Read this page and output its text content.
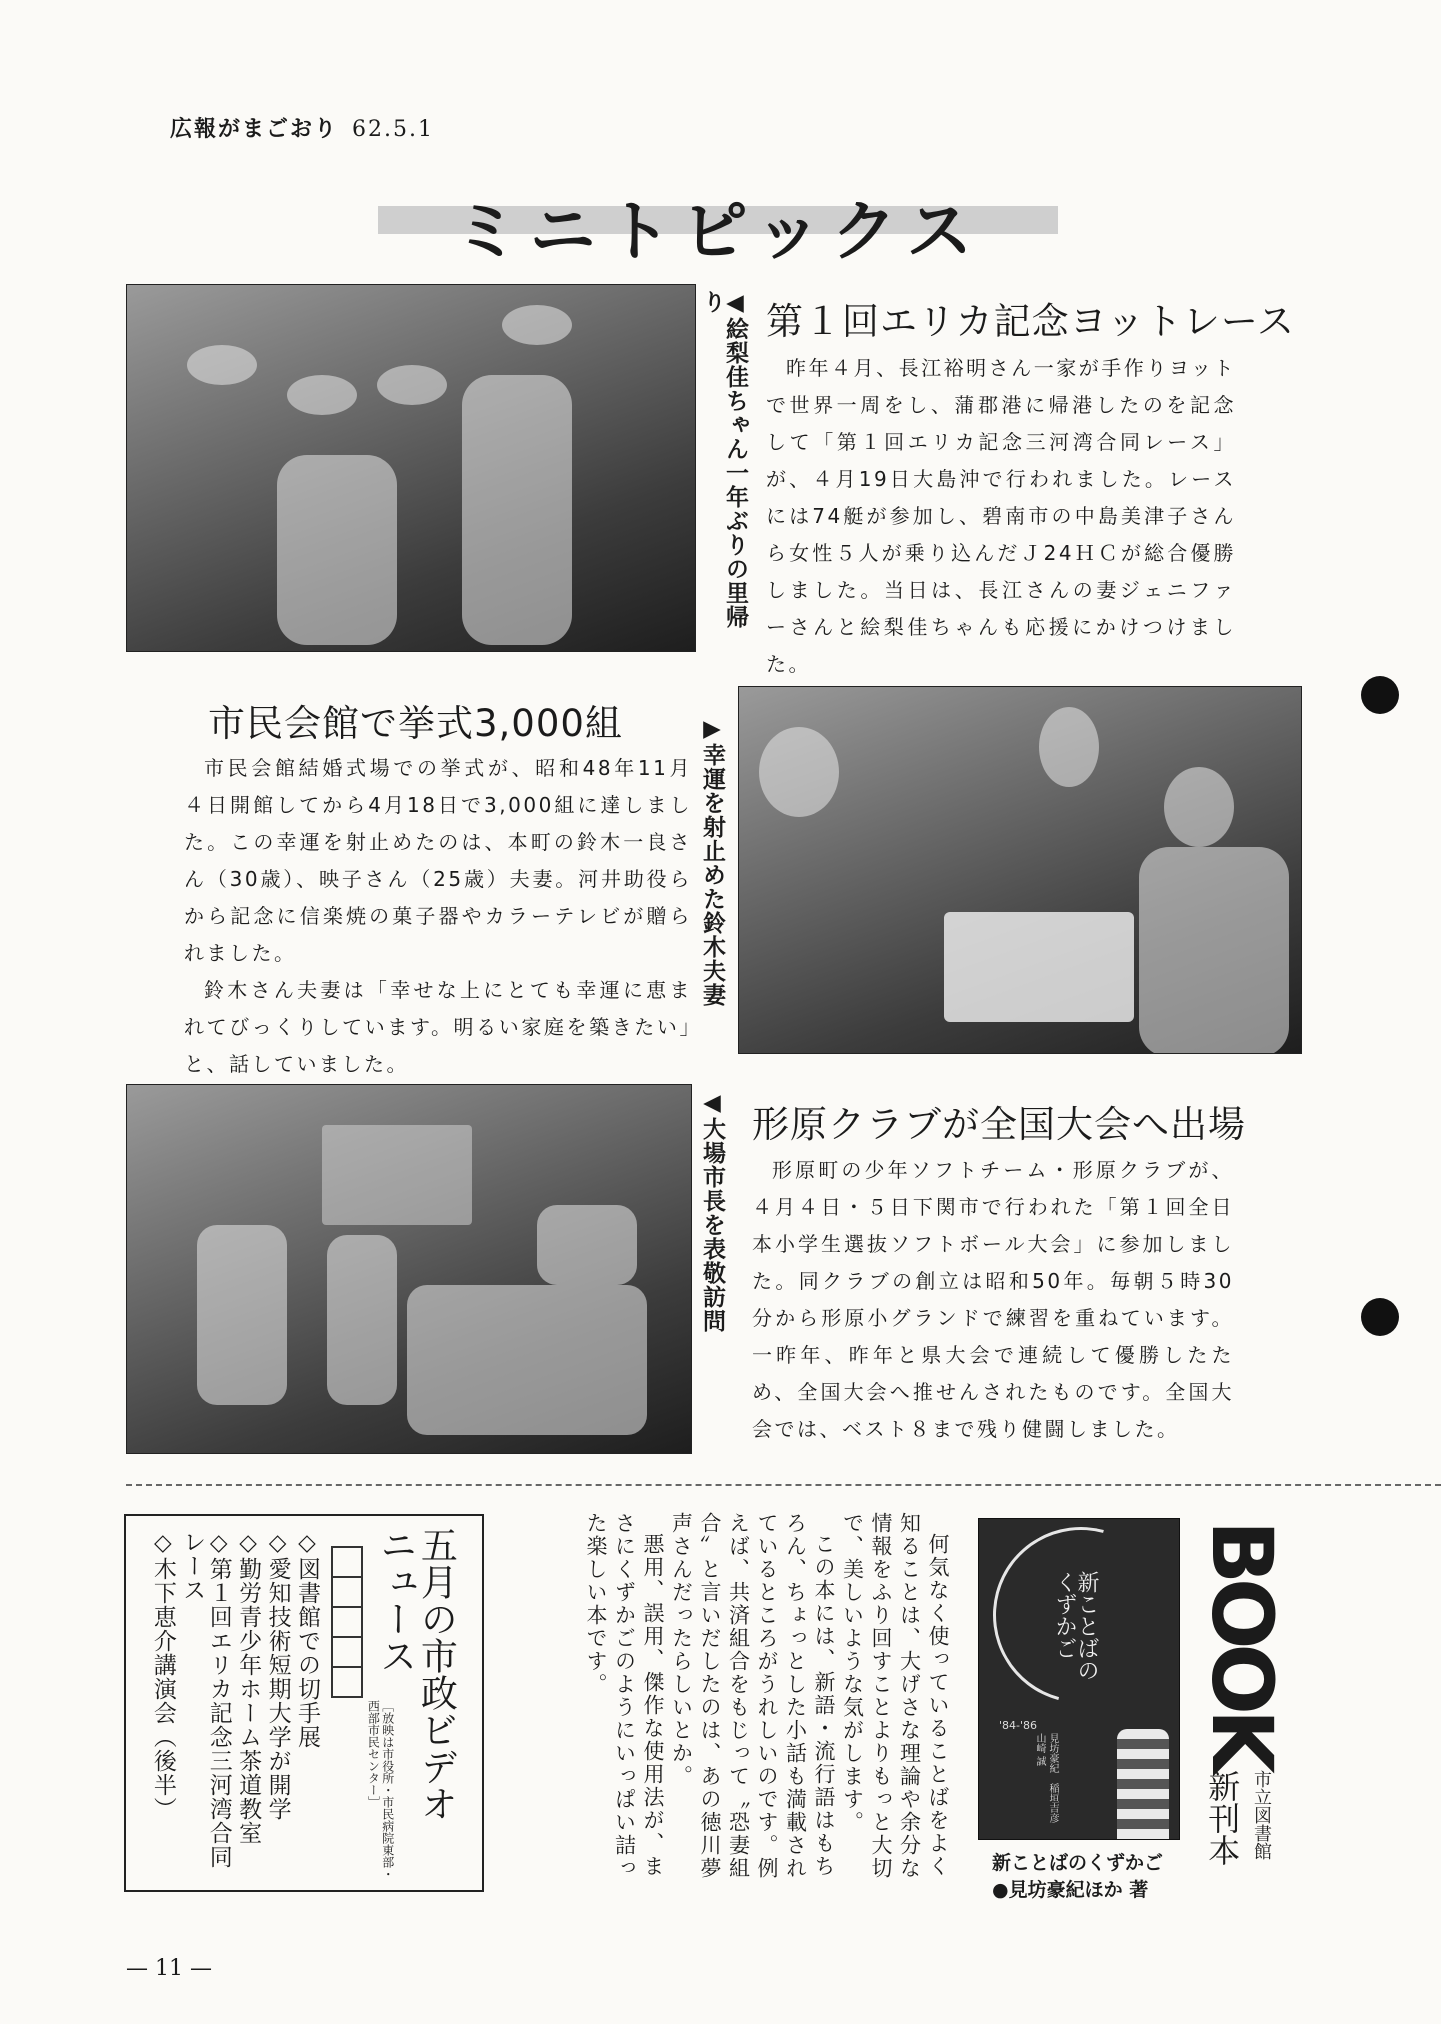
広報がまごおり 62.5.1
ミニトピックス
◀絵梨佳ちゃん一年ぶりの里帰り	第１回エリカ記念ヨットレース

昨年４月、長江裕明さん一家が手作りヨットで世界一周をし、蒲郡港に帰港したのを記念して「第１回エリカ記念三河湾合同レース」が、４月19日大島沖で行われました。レースには74艇が参加し、碧南市の中島美津子さんら女性５人が乗り込んだＪ24ＨＣが総合優勝しました。当日は、長江さんの妻ジェニファーさんと絵梨佳ちゃんも応援にかけつけました。

市民会館で挙式3,000組

市民会館結婚式場での挙式が、昭和48年11月４日開館してから4月18日で3,000組に達しました。この幸運を射止めたのは、本町の鈴木一良さん（30歳）、映子さん（25歳）夫妻。河井助役らから記念に信楽焼の菓子器やカラーテレビが贈られました。

鈴木さん夫妻は「幸せな上にとても幸運に恵まれてびっくりしています。明るい家庭を築きたい」と、話していました。

▶幸運を射止めた鈴木夫妻
◀大場市長を表敬訪問 形原クラブが全国大会へ出場

形原町の少年ソフトチーム・形原クラブが、４月４日・５日下関市で行われた「第１回全日本小学生選抜ソフトボール大会」に参加しました。同クラブの創立は昭和50年。毎朝５時30分から形原小グランドで練習を重ねています。一昨年、昨年と県大会で連続して優勝したため、全国大会へ推せんされたものです。全国大会では、ベスト８まで残り健闘しました。

五月の市政ビデオニュース
［放映は市役所・市民病院東部・西部市民センター］
◇図書館での切手展
◇愛知技術短期大学が開学
◇勤労青少年ホーム茶道教室
◇第１回エリカ記念三河湾合同レース
◇木下恵介講演会（後半）	何気なく使っていることばをよく知ることは、大げさな理論や余分な情報をふり回すことよりもっと大切で、美しいような気がします。

この本には、新語・流行語はもちろん、ちょっとした小話も満載されているところがうれしいのです。例えば、共済組合をもじって〝恐妻組合〟と言いだしたのは、あの徳川夢声さんだったらしいとか。

悪用、誤用、傑作な使用法が、まさにくずかごのようにいっぱい詰った楽しい本です。	新ことばのくずかご
'84-'86
見坊豪紀　稲垣吉彦　山崎 誠
新ことばのくずかご
●見坊豪紀ほか 著
BOOK
新刊本 市立図書館
— 11 —
